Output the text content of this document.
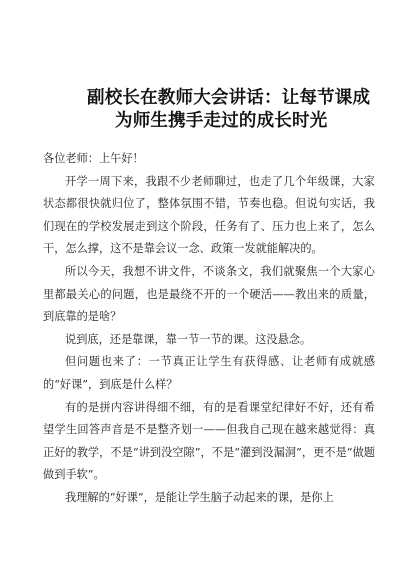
副校长在教师大会讲话：让每节课成
为师生携手走过的成长时光

各位老师：上午好！

开学一周下来，我跟不少老师聊过，也走了几个年级课，大家状态都很快就归位了，整体氛围不错，节奏也稳。但说句实话，我们现在的学校发展走到这个阶段，任务有了、压力也上来了，怎么干，怎么撑，这不是靠会议一念、政策一发就能解决的。

所以今天，我想不讲文件，不谈条文，我们就聚焦一个大家心里都最关心的问题，也是最绕不开的一个硬活——教出来的质量，到底靠的是啥？

说到底，还是靠课，靠一节一节的课。这没悬念。

但问题也来了：一节真正让学生有获得感、让老师有成就感的“好课”，到底是什么样？

有的是拼内容讲得细不细，有的是看课堂纪律好不好，还有希望学生回答声音是不是整齐划一——但我自己现在越来越觉得：真正好的教学，不是“讲到没空隙”，不是“灌到没漏洞”，更不是“做题做到手软”。

我理解的“好课”，是能让学生脑子动起来的课，是你上
